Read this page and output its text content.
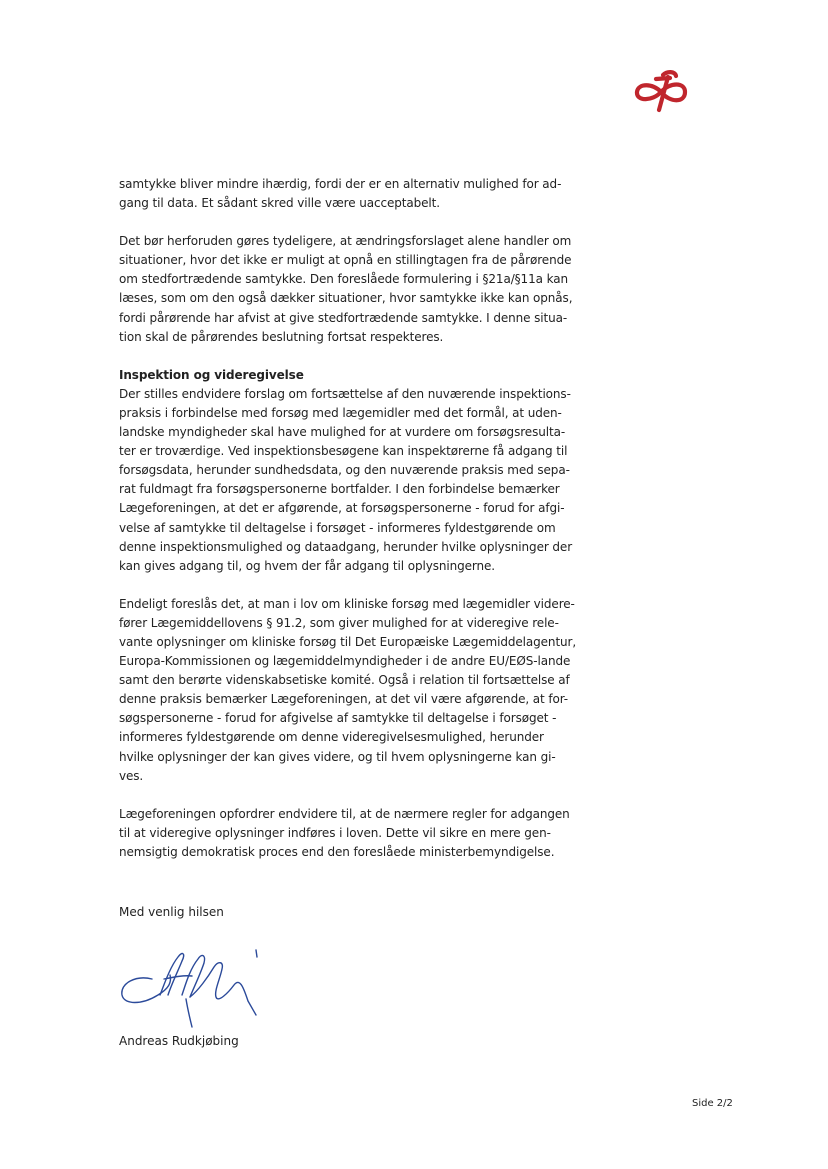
samtykke bliver mindre ihærdig, fordi der er en alternativ mulighed for ad-
gang til data. Et sådant skred ville være uacceptabelt.

Det bør herforuden gøres tydeligere, at ændringsforslaget alene handler om
situationer, hvor det ikke er muligt at opnå en stillingtagen fra de pårørende
om stedfortrædende samtykke. Den foreslåede formulering i §21a/§11a kan
læses, som om den også dækker situationer, hvor samtykke ikke kan opnås,
fordi pårørende har afvist at give stedfortrædende samtykke. I denne situa-
tion skal de pårørendes beslutning fortsat respekteres.

Inspektion og videregivelse

Der stilles endvidere forslag om fortsættelse af den nuværende inspektions-
praksis i forbindelse med forsøg med lægemidler med det formål, at uden-
landske myndigheder skal have mulighed for at vurdere om forsøgsresulta-
ter er troværdige. Ved inspektionsbesøgene kan inspektørerne få adgang til
forsøgsdata, herunder sundhedsdata, og den nuværende praksis med sepa-
rat fuldmagt fra forsøgspersonerne bortfalder. I den forbindelse bemærker
Lægeforeningen, at det er afgørende, at forsøgspersonerne - forud for afgi-
velse af samtykke til deltagelse i forsøget - informeres fyldestgørende om
denne inspektionsmulighed og dataadgang, herunder hvilke oplysninger der
kan gives adgang til, og hvem der får adgang til oplysningerne.

Endeligt foreslås det, at man i lov om kliniske forsøg med lægemidler videre-
fører Lægemiddellovens § 91.2, som giver mulighed for at videregive rele-
vante oplysninger om kliniske forsøg til Det Europæiske Lægemiddelagentur,
Europa-Kommissionen og lægemiddelmyndigheder i de andre EU/EØS-lande
samt den berørte videnskabsetiske komité. Også i relation til fortsættelse af
denne praksis bemærker Lægeforeningen, at det vil være afgørende, at for-
søgspersonerne - forud for afgivelse af samtykke til deltagelse i forsøget -
informeres fyldestgørende om denne videregivelsesmulighed, herunder
hvilke oplysninger der kan gives videre, og til hvem oplysningerne kan gi-
ves.

Lægeforeningen opfordrer endvidere til, at de nærmere regler for adgangen
til at videregive oplysninger indføres i loven. Dette vil sikre en mere gen-
nemsigtig demokratisk proces end den foreslåede ministerbemyndigelse.

Med venlig hilsen

Andreas Rudkjøbing

Side 2/2
